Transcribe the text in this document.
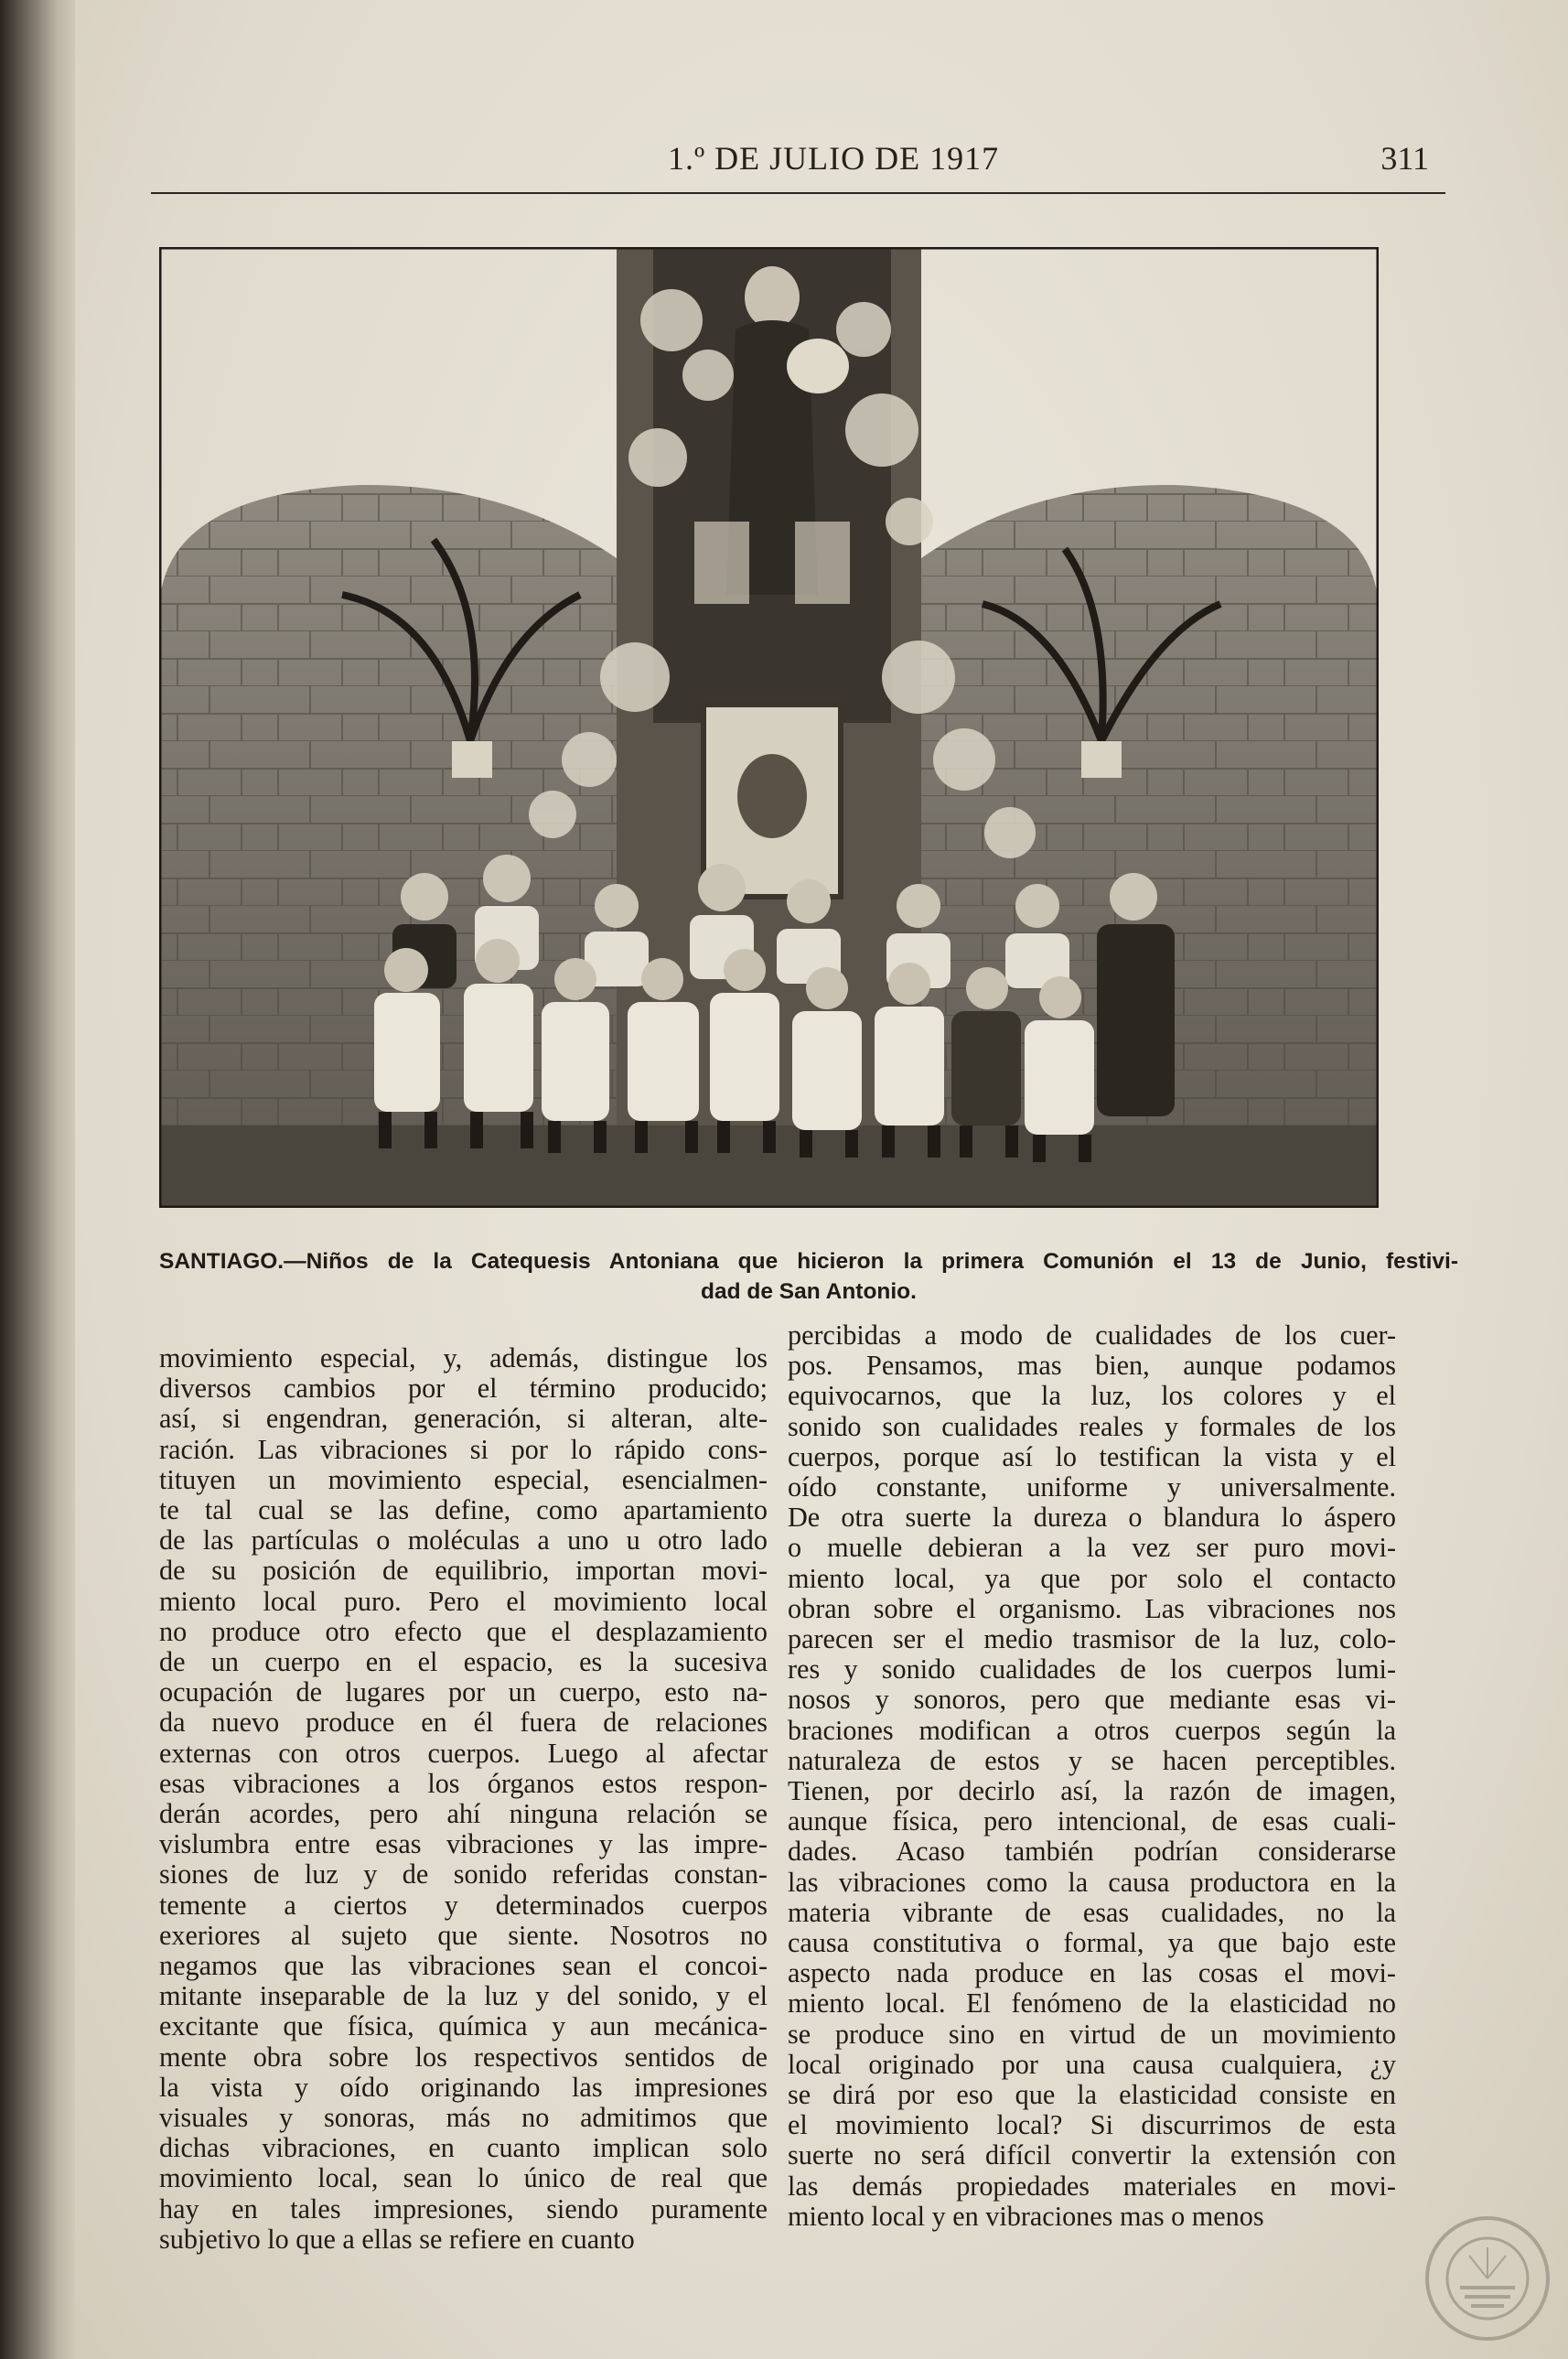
1.º DE JULIO DE 1917	311
SANTIAGO.—Niños de la Catequesis Antoniana que hicieron la primera Comunión el 13 de Junio, festivi-
dad de San Antonio.
movimiento especial, y, además, distingue los
diversos cambios por el término producido;
así, si engendran, generación, si alteran, alte-
ración. Las vibraciones si por lo rápido cons-
tituyen un movimiento especial, esencialmen-
te tal cual se las define, como apartamiento
de las partículas o moléculas a uno u otro lado
de su posición de equilibrio, importan movi-
miento local puro. Pero el movimiento local
no produce otro efecto que el desplazamiento
de un cuerpo en el espacio, es la sucesiva
ocupación de lugares por un cuerpo, esto na-
da nuevo produce en él fuera de relaciones
externas con otros cuerpos. Luego al afectar
esas vibraciones a los órganos estos respon-
derán acordes, pero ahí ninguna relación se
vislumbra entre esas vibraciones y las impre-
siones de luz y de sonido referidas constan-
temente a ciertos y determinados cuerpos
exeriores al sujeto que siente. Nosotros no
negamos que las vibraciones sean el concoi-
mitante inseparable de la luz y del sonido, y el
excitante que física, química y aun mecánica-
mente obra sobre los respectivos sentidos de
la vista y oído originando las impresiones
visuales y sonoras, más no admitimos que
dichas vibraciones, en cuanto implican solo
movimiento local, sean lo único de real que
hay en tales impresiones, siendo puramente
subjetivo lo que a ellas se refiere en cuanto
percibidas a modo de cualidades de los cuer-
pos. Pensamos, mas bien, aunque podamos
equivocarnos, que la luz, los colores y el
sonido son cualidades reales y formales de los
cuerpos, porque así lo testifican la vista y el
oído constante, uniforme y universalmente.
De otra suerte la dureza o blandura lo áspero
o muelle debieran a la vez ser puro movi-
miento local, ya que por solo el contacto
obran sobre el organismo. Las vibraciones nos
parecen ser el medio trasmisor de la luz, colo-
res y sonido cualidades de los cuerpos lumi-
nosos y sonoros, pero que mediante esas vi-
braciones modifican a otros cuerpos según la
naturaleza de estos y se hacen perceptibles.
Tienen, por decirlo así, la razón de imagen,
aunque física, pero intencional, de esas cuali-
dades. Acaso también podrían considerarse
las vibraciones como la causa productora en la
materia vibrante de esas cualidades, no la
causa constitutiva o formal, ya que bajo este
aspecto nada produce en las cosas el movi-
miento local. El fenómeno de la elasticidad no
se produce sino en virtud de un movimiento
local originado por una causa cualquiera, ¿y
se dirá por eso que la elasticidad consiste en
el movimiento local? Si discurrimos de esta
suerte no será difícil convertir la extensión con
las demás propiedades materiales en movi-
miento local y en vibraciones mas o menos
